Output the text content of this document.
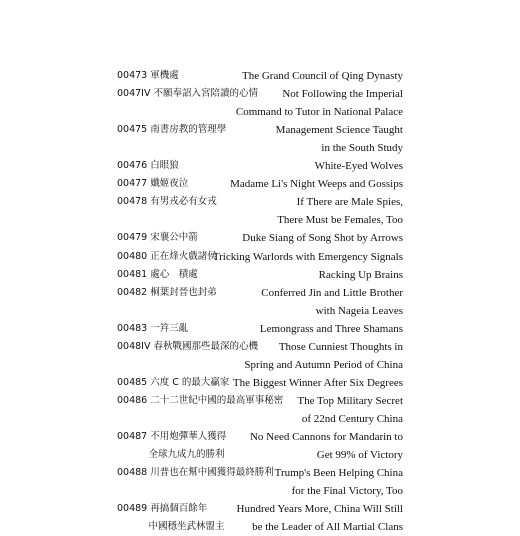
00473 軍機處	The Grand Council of Qing Dynasty
0047IV 不願奉詔入宮陪讀的心情 Not Following the Imperial
Command to Tutor in National Palace
00475 南書房教的管理學	Management Science Taught
in the South Study
00476 白眼狼	White-Eyed Wolves
00477 孅姬夜泣	Madame Li's Night Weeps and Gossips
00478 有男戎必有女戎	If There are Male Spies,
There Must be Females, Too
00479 宋襄公中箭	Duke Siang of Song Shot by Arrows
00480 正在烽火戲諸侯
Tricking Warlords with Emergency Signals
00481 處心　積處	Racking Up Brains
00482 桐葉封晉也封弟	Conferred Jin and Little Brother
with Nageia Leaves
00483 一筓三亂	Lemongrass and Three Shamans
0048IV 春秋戰國那些最深的心機 Those Cunniest Thoughts in
Spring and Autumn Period of China
00485 六度 C 的最大贏家 The Biggest Winner After Six Degrees
00486 二十二世紀中國的最高軍事秘密 The Top Military Secret
of 22nd Century China
00487 不用炮彈華人獲得 No Need Cannons for Mandarin to
　　　 全球九成九的勝利	Get 99% of Victory
00488 川普也在幫中國獲得最終勝利 Trump's Been Helping China
for the Final Victory, Too
00489 再搞個百餘年	Hundred Years More, China Will Still
　　　 中國穩坐武林盟主	be the Leader of All Martial Clans
